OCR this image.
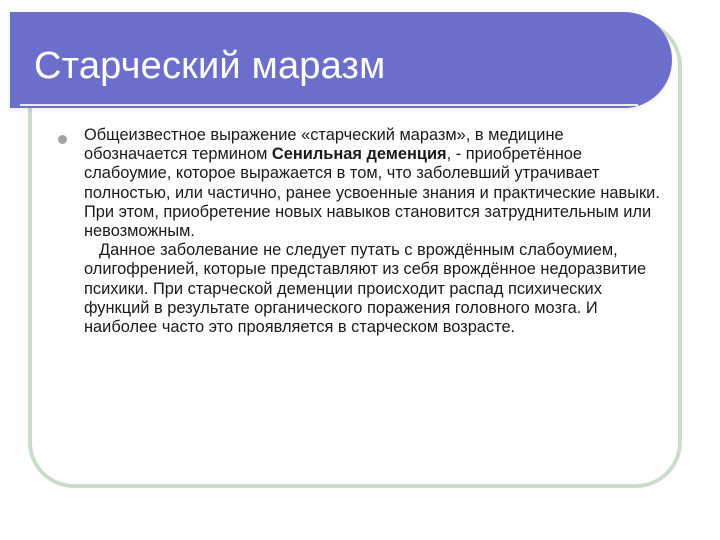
Старческий маразм
Общеизвестное выражение «старческий маразм», в медицине обозначается термином Сенильная деменция, - приобретённое слабоумие, которое выражается в том, что заболевший утрачивает полностью, или частично, ранее усвоенные знания и практические навыки. При этом, приобретение новых навыков становится затруднительным или невозможным.
Данное заболевание не следует путать с врождённым слабоумием, олигофренией, которые представляют из себя врождённое недоразвитие психики. При старческой деменции происходит распад психических функций в результате органического поражения головного мозга. И наиболее часто это проявляется в старческом возрасте.
